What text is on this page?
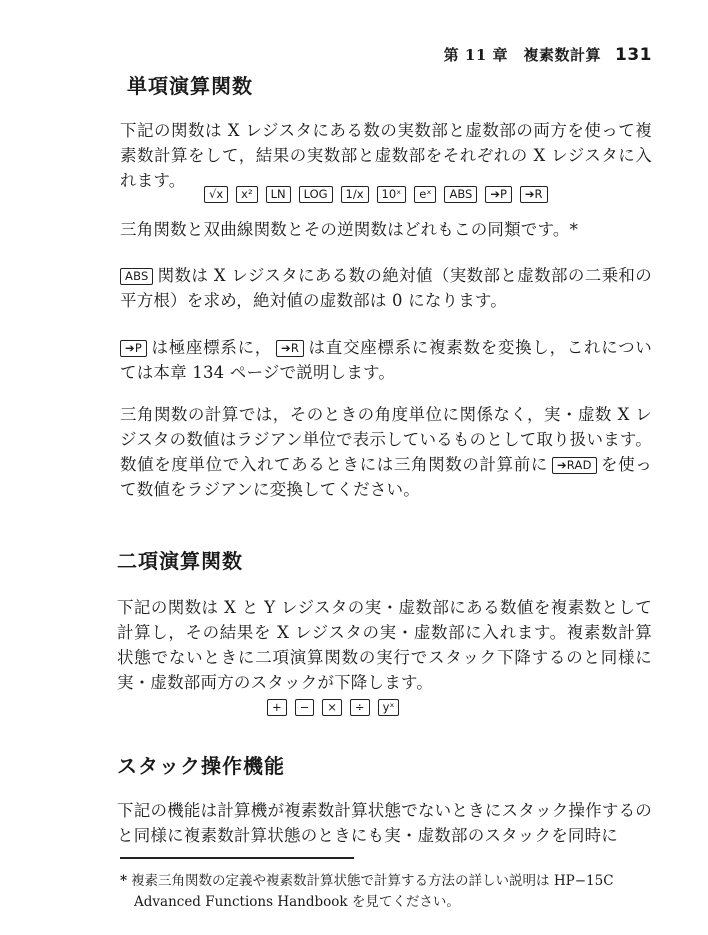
第 11 章　複素数計算 131
単項演算関数

下記の関数は X レジスタにある数の実数部と虚数部の両方を使って複素数計算をして，結果の実数部と虚数部をそれぞれの X レジスタに入れます。

√x	x²	LN	LOG	1/x	10ˣ	eˣ	ABS	➔P	➔R

三角関数と双曲線関数とその逆関数はどれもこの同類です。*

ABS 関数は X レジスタにある数の絶対値（実数部と虚数部の二乗和の平方根）を求め，絶対値の虚数部は 0 になります。

➔P は極座標系に， ➔R は直交座標系に複素数を変換し，これについては本章 134 ページで説明します。

三角関数の計算では，そのときの角度単位に関係なく，実・虚数 X レジスタの数値はラジアン単位で表示しているものとして取り扱います。数値を度単位で入れてあるときには三角関数の計算前に ➔RAD を使って数値をラジアンに変換してください。

二項演算関数

下記の関数は X と Y レジスタの実・虚数部にある数値を複素数として計算し，その結果を X レジスタの実・虚数部に入れます。複素数計算状態でないときに二項演算関数の実行でスタック下降するのと同様に実・虚数部両方のスタックが下降します。

+	−	×	÷	yˣ
スタック操作機能

下記の機能は計算機が複素数計算状態でないときにスタック操作するのと同様に複素数計算状態のときにも実・虚数部のスタックを同時に

* 複素三角関数の定義や複素数計算状態で計算する方法の詳しい説明は HP−15C
Advanced Functions Handbook を見てください。
